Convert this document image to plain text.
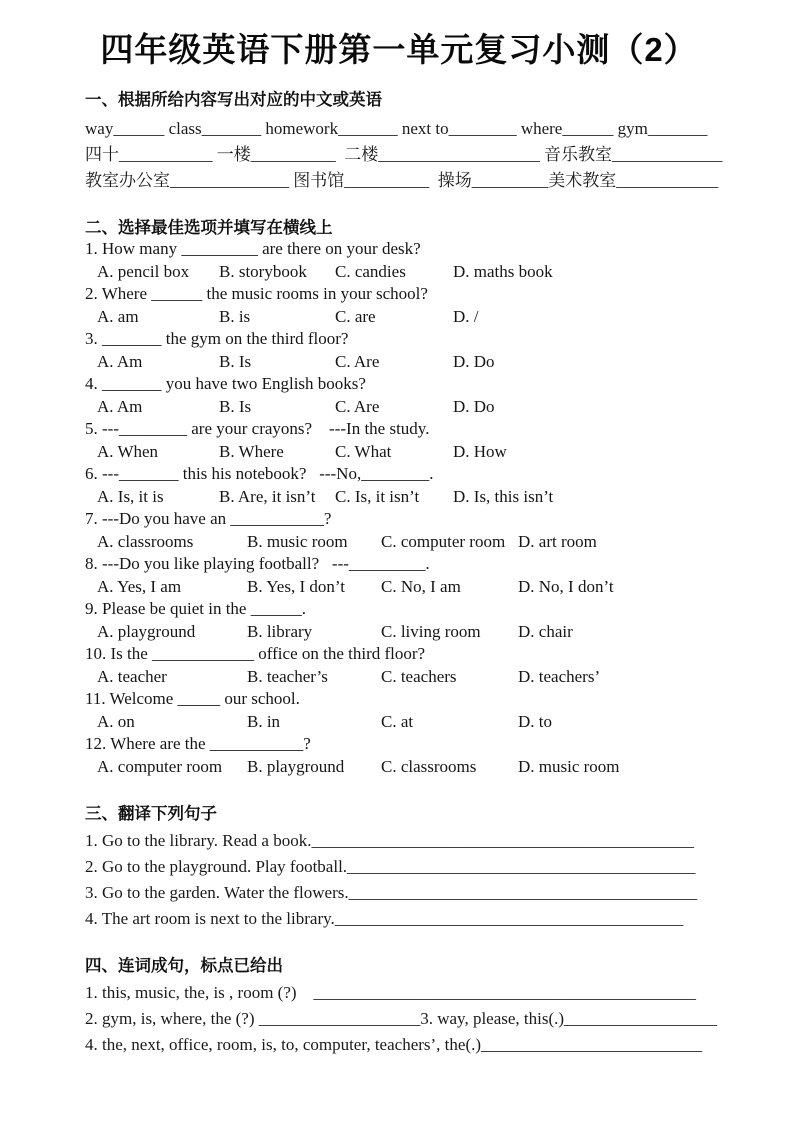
四年级英语下册第一单元复习小测（2）
一、根据所给内容写出对应的中文或英语
way______ class_______ homework_______ next to________ where______ gym_______
四十___________ 一楼__________  二楼___________________ 音乐教室_____________
教室办公室______________ 图书馆__________  操场_________美术教室____________
二、选择最佳选项并填写在横线上
1. How many _________ are there on your desk?
A. pencil box	B. storybook	C. candies	D. maths book
2. Where ______ the music rooms in your school?
A. am	B. is	C. are	D. /
3. _______ the gym on the third floor?
A. Am	B. Is	C. Are	D. Do
4. _______ you have two English books?
A. Am	B. Is	C. Are	D. Do
5. ---________ are your crayons?    ---In the study.
A. When	B. Where	C. What	D. How
6. ---_______ this his notebook?   ---No,________.
A. Is, it is	B. Are, it isn’t	C. Is, it isn’t	D. Is, this isn’t
7. ---Do you have an ___________?
A. classrooms	B. music room	C. computer room D. art room
8. ---Do you like playing football?   ---_________.
A. Yes, I am	B. Yes, I don’t	C. No, I am	D. No, I don’t
9. Please be quiet in the ______.
A. playground	B. library	C. living room	D. chair
10. Is the ____________ office on the third floor?
A. teacher	B. teacher’s	C. teachers	D. teachers’
11. Welcome _____ our school.
A. on	B. in	C. at	D. to
12. Where are the ___________?
A. computer room	B. playground	C. classrooms	D. music room
三、翻译下列句子
1. Go to the library. Read a book._____________________________________________
2. Go to the playground. Play football._________________________________________
3. Go to the garden. Water the flowers._________________________________________
4. The art room is next to the library._________________________________________
四、连词成句，标点已给出
1. this, music, the, is , room (?)    _____________________________________________
2. gym, is, where, the (?) ___________________3. way, please, this(.)__________________
4. the, next, office, room, is, to, computer, teachers’, the(.)__________________________
